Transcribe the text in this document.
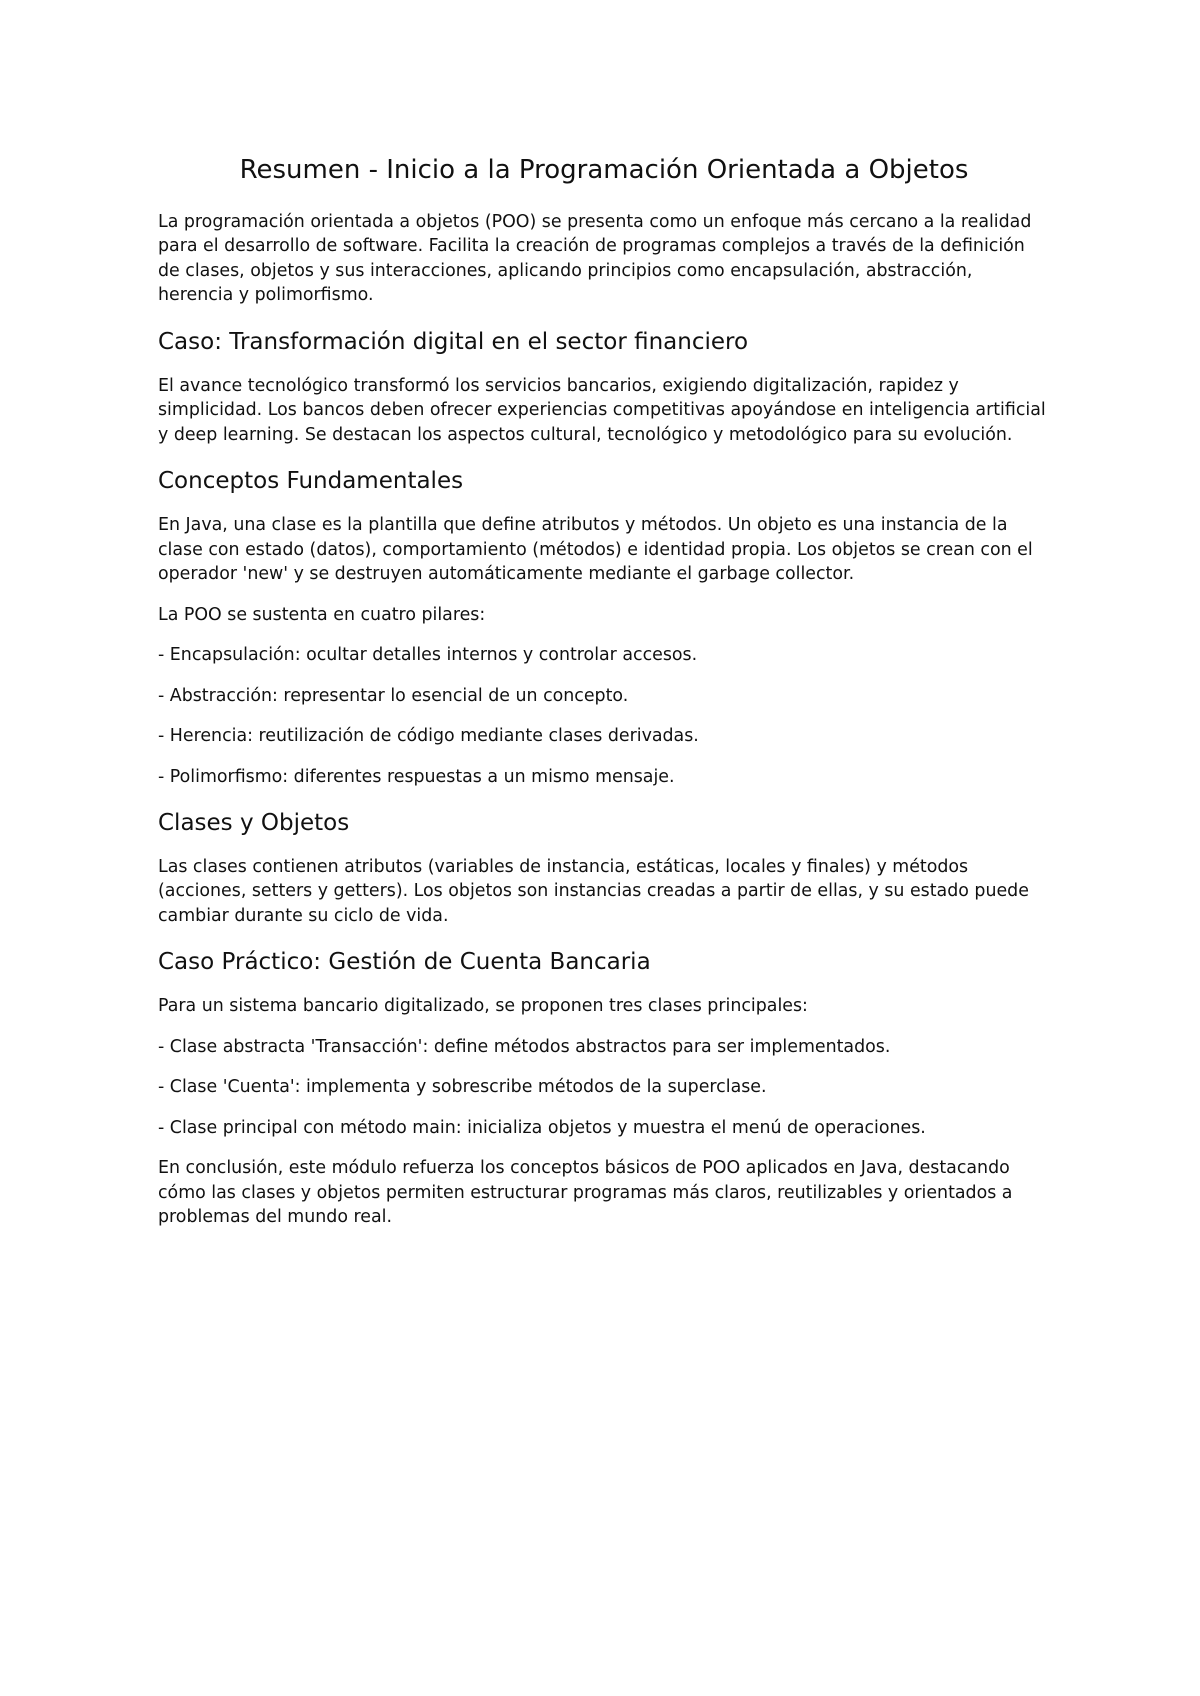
Resumen - Inicio a la Programación Orientada a Objetos

La programación orientada a objetos (POO) se presenta como un enfoque más cercano a la realidad para el desarrollo de software. Facilita la creación de programas complejos a través de la definición de clases, objetos y sus interacciones, aplicando principios como encapsulación, abstracción, herencia y polimorfismo.

Caso: Transformación digital en el sector financiero

El avance tecnológico transformó los servicios bancarios, exigiendo digitalización, rapidez y simplicidad. Los bancos deben ofrecer experiencias competitivas apoyándose en inteligencia artificial y deep learning. Se destacan los aspectos cultural, tecnológico y metodológico para su evolución.

Conceptos Fundamentales

En Java, una clase es la plantilla que define atributos y métodos. Un objeto es una instancia de la clase con estado (datos), comportamiento (métodos) e identidad propia. Los objetos se crean con el operador 'new' y se destruyen automáticamente mediante el garbage collector.

La POO se sustenta en cuatro pilares:

- Encapsulación: ocultar detalles internos y controlar accesos.

- Abstracción: representar lo esencial de un concepto.

- Herencia: reutilización de código mediante clases derivadas.

- Polimorfismo: diferentes respuestas a un mismo mensaje.

Clases y Objetos

Las clases contienen atributos (variables de instancia, estáticas, locales y finales) y métodos (acciones, setters y getters). Los objetos son instancias creadas a partir de ellas, y su estado puede cambiar durante su ciclo de vida.

Caso Práctico: Gestión de Cuenta Bancaria

Para un sistema bancario digitalizado, se proponen tres clases principales:

- Clase abstracta 'Transacción': define métodos abstractos para ser implementados.

- Clase 'Cuenta': implementa y sobrescribe métodos de la superclase.

- Clase principal con método main: inicializa objetos y muestra el menú de operaciones.

En conclusión, este módulo refuerza los conceptos básicos de POO aplicados en Java, destacando cómo las clases y objetos permiten estructurar programas más claros, reutilizables y orientados a problemas del mundo real.
